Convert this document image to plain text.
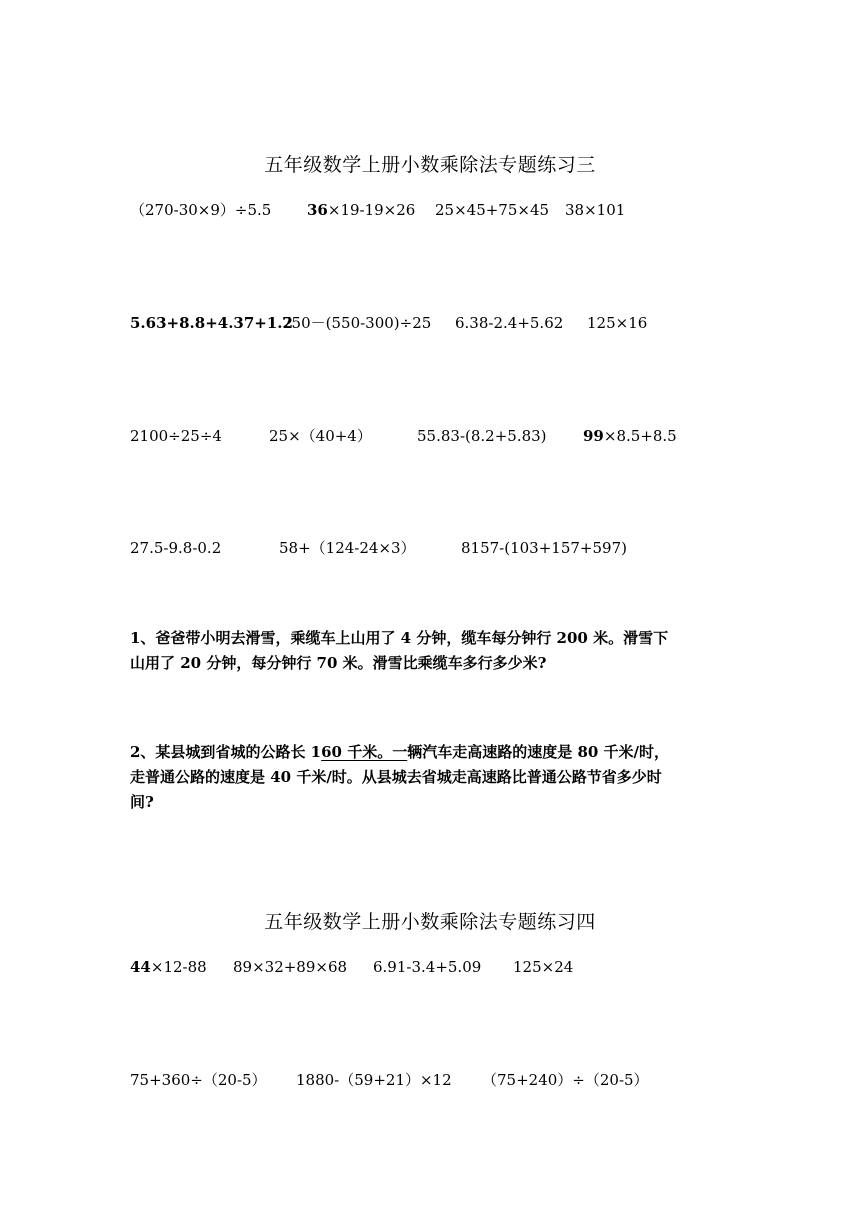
五年级数学上册小数乘除法专题练习三
（270-30×9）÷5.5 36×19-19×26 25×45+75×45 38×101
5.63+8.8+4.37+1.2
750－(550-300)÷25 6.38-2.4+5.62 125×16
2100÷25÷4	25×（40+4）	55.83-(8.2+5.83) 99×8.5+8.5
27.5-9.8-0.2	58+（124-24×3）	8157-(103+157+597)
1、爸爸带小明去滑雪，乘缆车上山用了 4 分钟，缆车每分钟行 200 米。滑雪下
山用了 20 分钟，每分钟行 70 米。滑雪比乘缆车多行多少米?
2、某县城到省城的公路长 160 千米。一辆汽车走高速路的速度是 80 千米/时，
走普通公路的速度是 40 千米/时。从县城去省城走高速路比普通公路节省多少时
间?
五年级数学上册小数乘除法专题练习四
44×12-88 89×32+89×68 6.91-3.4+5.09 125×24
75+360÷（20-5） 1880-（59+21）×12 （75+240）÷（20-5）
